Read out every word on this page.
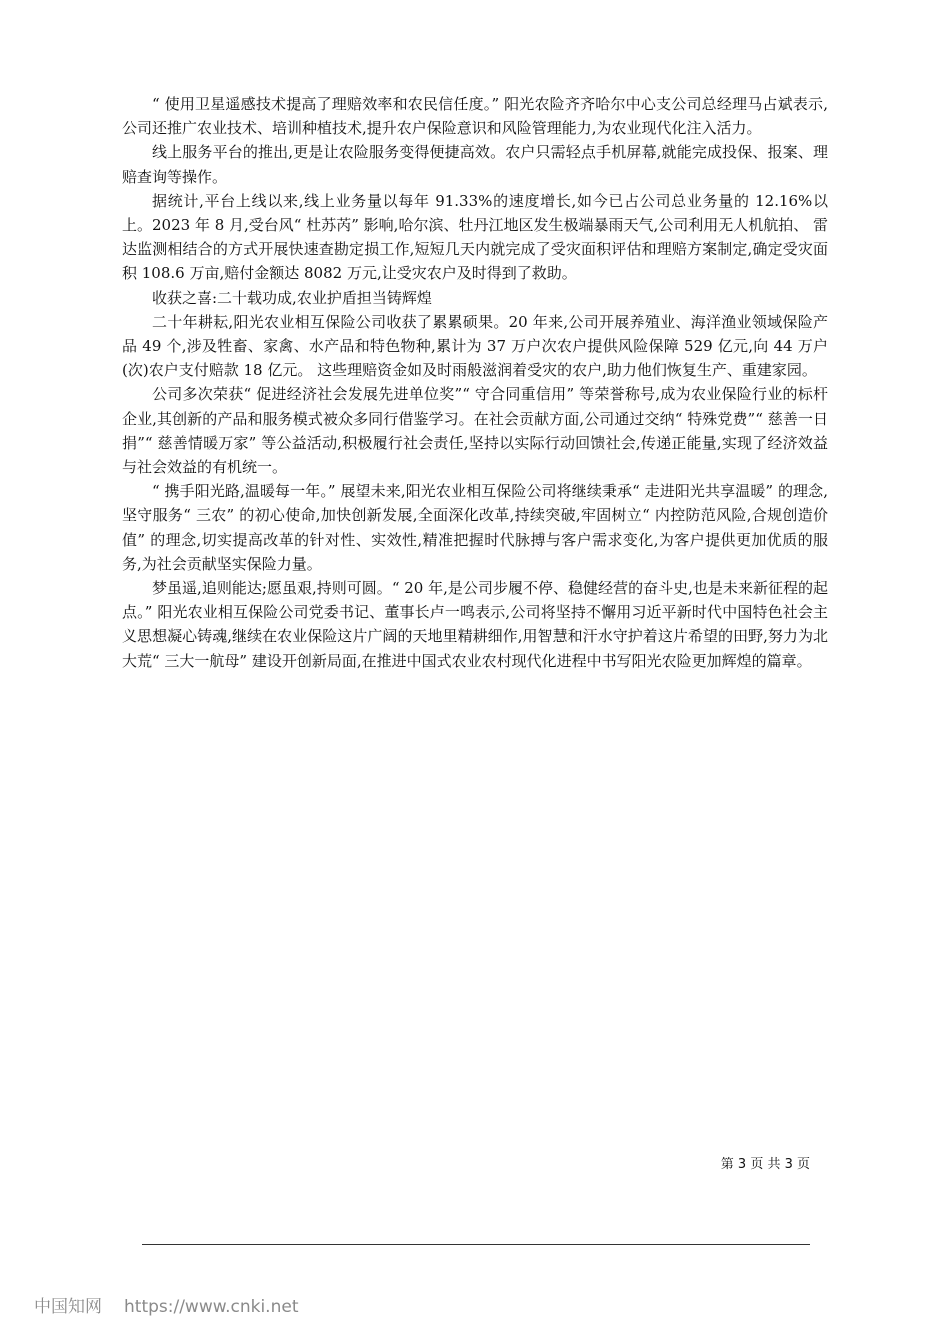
“ 使用卫星遥感技术提高了理赔效率和农民信任度。” 阳光农险齐齐哈尔中心支公司总经理马占斌表示,公司还推广农业技术、培训种植技术,提升农户保险意识和风险管理能力,为农业现代化注入活力。

线上服务平台的推出,更是让农险服务变得便捷高效。农户只需轻点手机屏幕,就能完成投保、报案、理赔查询等操作。

据统计,平台上线以来,线上业务量以每年 91.33%的速度增长,如今已占公司总业务量的 12.16%以上。2023 年 8 月,受台风“ 杜苏芮” 影响,哈尔滨、牡丹江地区发生极端暴雨天气,公司利用无人机航拍、 雷达监测相结合的方式开展快速查勘定损工作,短短几天内就完成了受灾面积评估和理赔方案制定,确定受灾面积 108.6 万亩,赔付金额达 8082 万元,让受灾农户及时得到了救助。

收获之喜:二十载功成,农业护盾担当铸辉煌

二十年耕耘,阳光农业相互保险公司收获了累累硕果。20 年来,公司开展养殖业、海洋渔业领域保险产品 49 个,涉及牲畜、家禽、水产品和特色物种,累计为 37 万户次农户提供风险保障 529 亿元,向 44 万户(次)农户支付赔款 18 亿元。 这些理赔资金如及时雨般滋润着受灾的农户,助力他们恢复生产、重建家园。

公司多次荣获“ 促进经济社会发展先进单位奖”“ 守合同重信用” 等荣誉称号,成为农业保险行业的标杆企业,其创新的产品和服务模式被众多同行借鉴学习。在社会贡献方面,公司通过交纳“ 特殊党费”“ 慈善一日捐”“ 慈善情暖万家” 等公益活动,积极履行社会责任,坚持以实际行动回馈社会,传递正能量,实现了经济效益与社会效益的有机统一。

“ 携手阳光路,温暖每一年。” 展望未来,阳光农业相互保险公司将继续秉承“ 走进阳光共享温暖” 的理念,坚守服务“ 三农” 的初心使命,加快创新发展,全面深化改革,持续突破,牢固树立“ 内控防范风险,合规创造价值” 的理念,切实提高改革的针对性、实效性,精准把握时代脉搏与客户需求变化,为客户提供更加优质的服务,为社会贡献坚实保险力量。

梦虽遥,追则能达;愿虽艰,持则可圆。“ 20 年,是公司步履不停、稳健经营的奋斗史,也是未来新征程的起点。” 阳光农业相互保险公司党委书记、董事长卢一鸣表示,公司将坚持不懈用习近平新时代中国特色社会主义思想凝心铸魂,继续在农业保险这片广阔的天地里精耕细作,用智慧和汗水守护着这片希望的田野,努力为北大荒“ 三大一航母” 建设开创新局面,在推进中国式农业农村现代化进程中书写阳光农险更加辉煌的篇章。

第 3 页 共 3 页
中国知网 https://www.cnki.net
